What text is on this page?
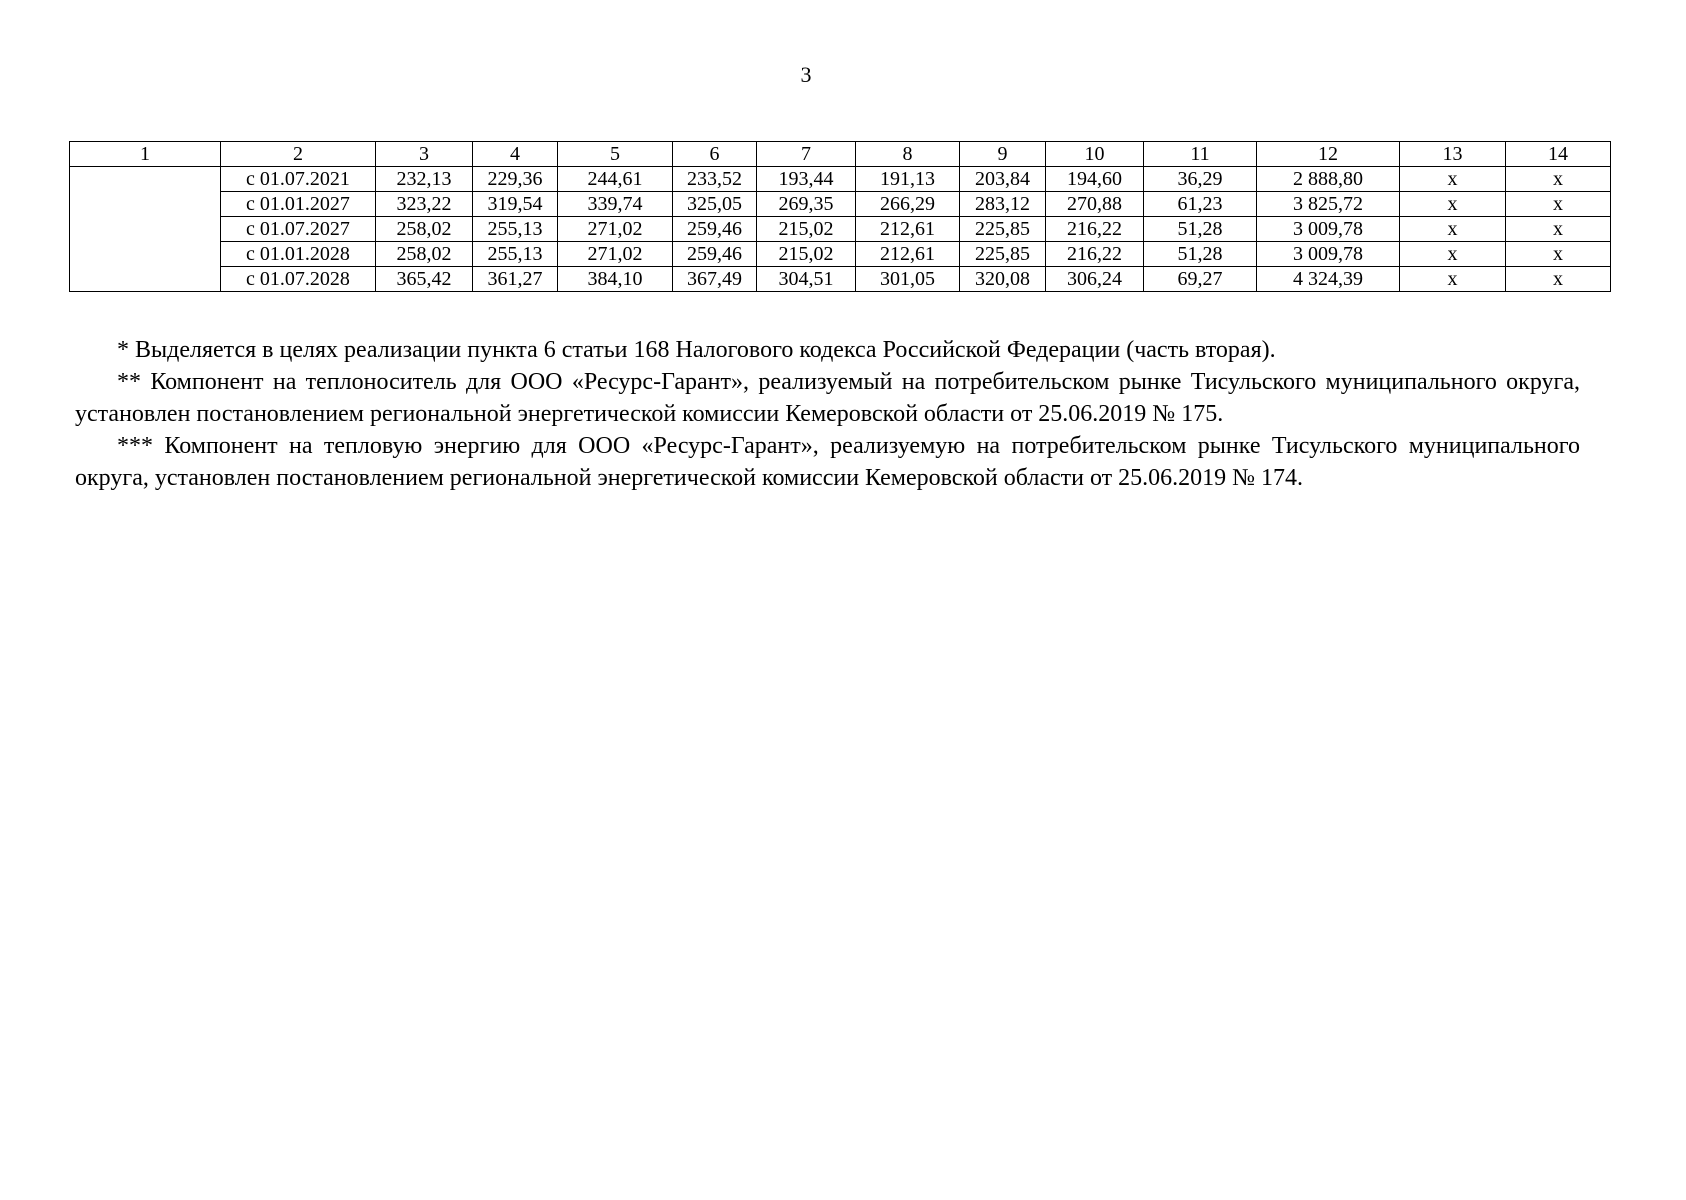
3
1	2	3	4	5	6	7	8	9	10	11	12	13	14
	с 01.07.2021	232,13	229,36	244,61	233,52	193,44	191,13	203,84	194,60	36,29	2 888,80	x	x
	с 01.01.2027	323,22	319,54	339,74	325,05	269,35	266,29	283,12	270,88	61,23	3 825,72	x	x
	с 01.07.2027	258,02	255,13	271,02	259,46	215,02	212,61	225,85	216,22	51,28	3 009,78	x	x
	с 01.01.2028	258,02	255,13	271,02	259,46	215,02	212,61	225,85	216,22	51,28	3 009,78	x	x
	с 01.07.2028	365,42	361,27	384,10	367,49	304,51	301,05	320,08	306,24	69,27	4 324,39	x	x

* Выделяется в целях реализации пункта 6 статьи 168 Налогового кодекса Российской Федерации (часть вторая).

** Компонент на теплоноситель для ООО «Ресурс-Гарант», реализуемый на потребительском рынке Тисульского муниципального округа, установлен постановлением региональной энергетической комиссии Кемеровской области от 25.06.2019 № 175.

*** Компонент на тепловую энергию для ООО «Ресурс-Гарант», реализуемую на потребительском рынке Тисульского муниципального округа, установлен постановлением региональной энергетической комиссии Кемеровской области от 25.06.2019 № 174.
